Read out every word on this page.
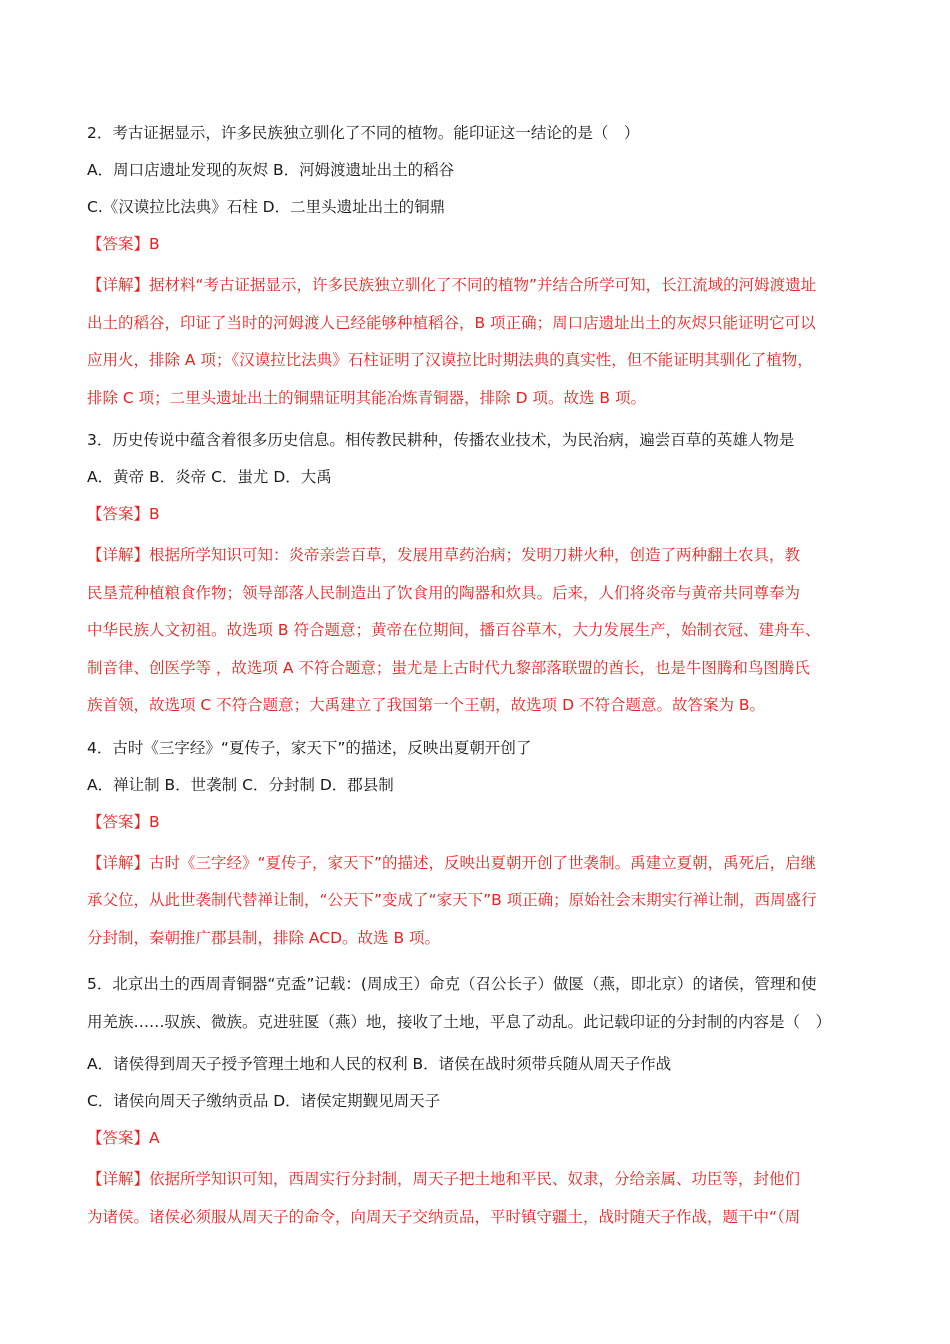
2．考古证据显示，许多民族独立驯化了不同的植物。能印证这一结论的是（　）
A．周口店遗址发现的灰烬 B．河姆渡遗址出土的稻谷
C.《汉谟拉比法典》石柱 D．二里头遗址出土的铜鼎
【答案】B
【详解】据材料“考古证据显示，许多民族独立驯化了不同的植物”并结合所学可知，长江流域的河姆渡遗址
出土的稻谷，印证了当时的河姆渡人已经能够种植稻谷，B 项正确；周口店遗址出土的灰烬只能证明它可以
应用火，排除 A 项；《汉谟拉比法典》石柱证明了汉谟拉比时期法典的真实性，但不能证明其驯化了植物，
排除 C 项；二里头遗址出土的铜鼎证明其能冶炼青铜器，排除 D 项。故选 B 项。
3．历史传说中蕴含着很多历史信息。相传教民耕种，传播农业技术，为民治病，遍尝百草的英雄人物是
A．黄帝 B．炎帝 C．蚩尤 D．大禹
【答案】B
【详解】根据所学知识可知：炎帝亲尝百草，发展用草药治病；发明刀耕火种，创造了两种翻土农具，教
民垦荒种植粮食作物；领导部落人民制造出了饮食用的陶器和炊具。后来，人们将炎帝与黄帝共同尊奉为
中华民族人文初祖。故选项 B 符合题意；黄帝在位期间，播百谷草木，大力发展生产，始制衣冠、建舟车、
制音律、创医学等 ，故选项 A 不符合题意；蚩尤是上古时代九黎部落联盟的酋长，也是牛图腾和鸟图腾氏
族首领，故选项 C 不符合题意；大禹建立了我国第一个王朝，故选项 D 不符合题意。故答案为 B。
4．古时《三字经》“夏传子，家天下”的描述，反映出夏朝开创了
A．禅让制 B．世袭制 C．分封制 D．郡县制
【答案】B
【详解】古时《三字经》“夏传子，家天下”的描述，反映出夏朝开创了世袭制。禹建立夏朝，禹死后，启继
承父位，从此世袭制代替禅让制，“公天下”变成了“家天下”B 项正确；原始社会末期实行禅让制，西周盛行
分封制，秦朝推广郡县制，排除 ACD。故选 B 项。
5．北京出土的西周青铜器“克盉”记载：(周成王）命克（召公长子）做匽（燕，即北京）的诸侯，管理和使
用羌族……驭族、微族。克进驻匽（燕）地，接收了土地，平息了动乱。此记载印证的分封制的内容是（　）
A．诸侯得到周天子授予管理土地和人民的权利 B．诸侯在战时须带兵随从周天子作战
C．诸侯向周天子缴纳贡品 D．诸侯定期觐见周天子
【答案】A
【详解】依据所学知识可知，西周实行分封制，周天子把土地和平民、奴隶，分给亲属、功臣等，封他们
为诸侯。诸侯必须服从周天子的命令，向周天子交纳贡品，平时镇守疆土，战时随天子作战，题干中“（周
